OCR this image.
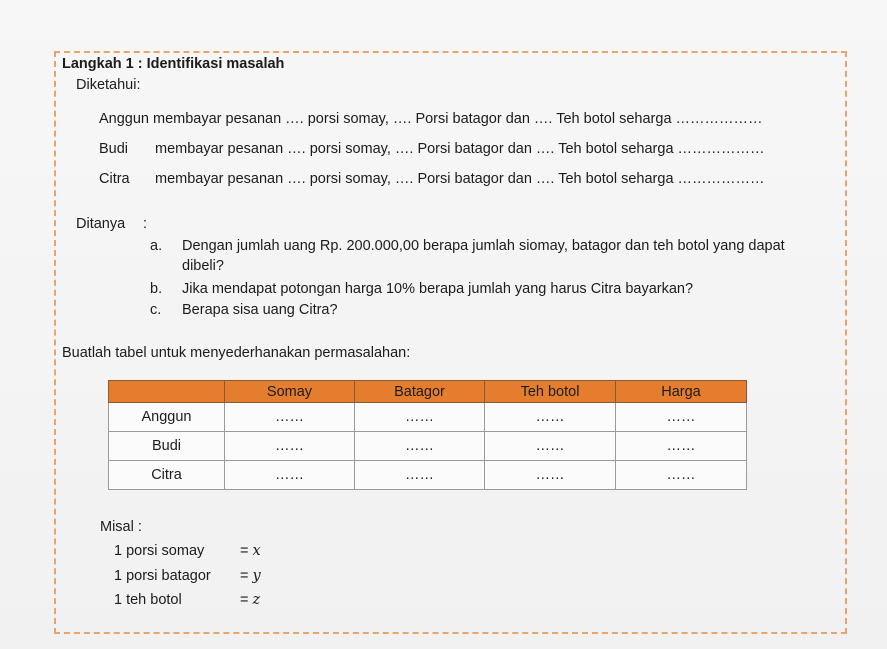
Langkah 1 : Identifikasi masalah
Diketahui:
Anggun membayar pesanan …. porsi somay, …. Porsi batagor dan …. Teh botol seharga ………………
Budi membayar pesanan …. porsi somay, …. Porsi batagor dan …. Teh botol seharga ………………
Citra membayar pesanan …. porsi somay, …. Porsi batagor dan …. Teh botol seharga ………………
Ditanya :
a.	Dengan jumlah uang Rp. 200.000,00 berapa jumlah siomay, batagor dan teh botol yang dapat dibeli?
b.	Jika mendapat potongan harga 10% berapa jumlah yang harus Citra bayarkan?
c.	Berapa sisa uang Citra?
Buatlah tabel untuk menyederhanakan permasalahan:
	Somay	Batagor	Teh botol	Harga
Anggun	……	……	……	……
Budi	……	……	……	……
Citra	……	……	……	……
Misal :
1 porsi somay = x
1 porsi batagor = y
1 teh botol	= z
